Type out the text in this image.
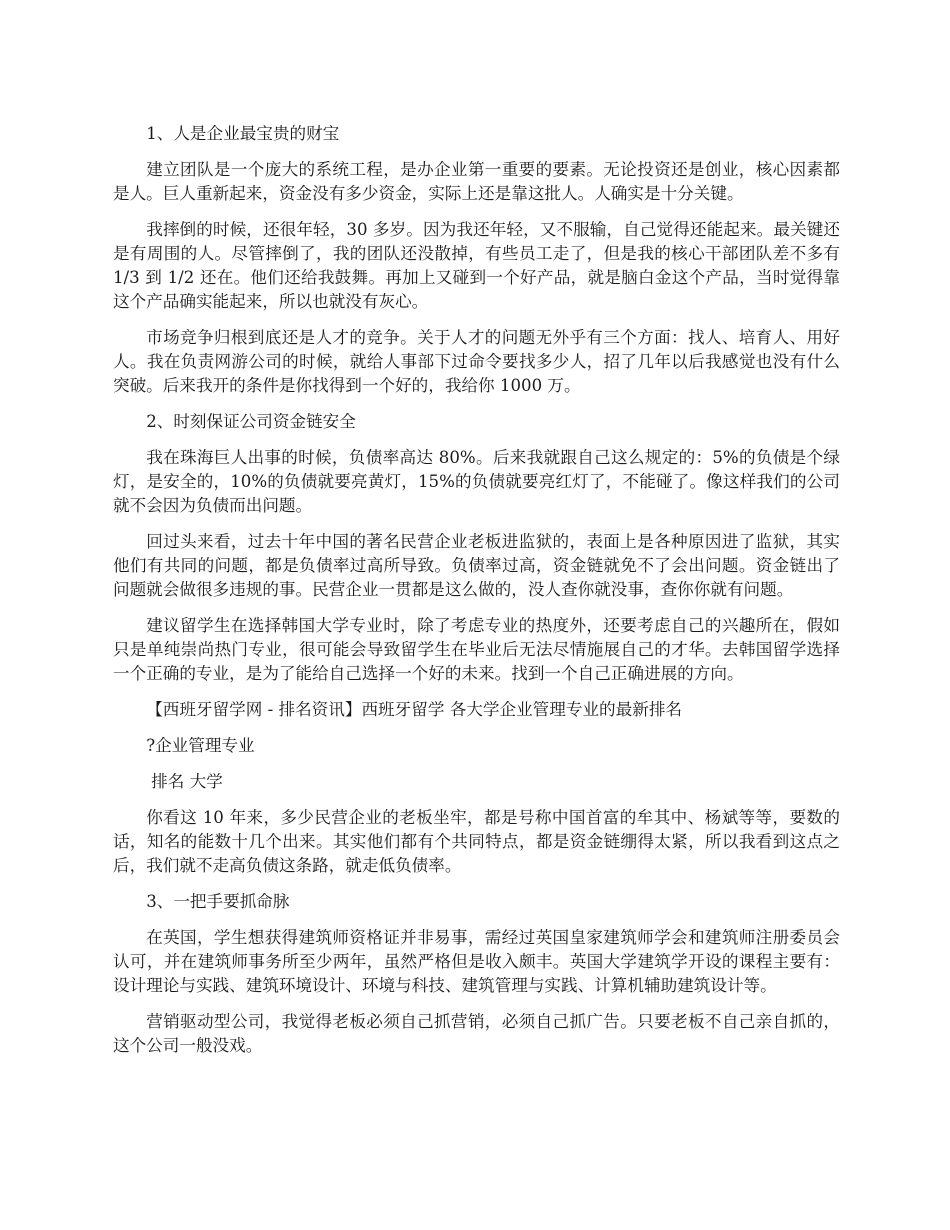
1、人是企业最宝贵的财宝

建立团队是一个庞大的系统工程，是办企业第一重要的要素。无论投资还是创业，核心因素都是人。巨人重新起来，资金没有多少资金，实际上还是靠这批人。人确实是十分关键。

我摔倒的时候，还很年轻，30 多岁。因为我还年轻，又不服输，自己觉得还能起来。最关键还是有周围的人。尽管摔倒了，我的团队还没散掉，有些员工走了，但是我的核心干部团队差不多有 1/3 到 1/2 还在。他们还给我鼓舞。再加上又碰到一个好产品，就是脑白金这个产品，当时觉得靠这个产品确实能起来，所以也就没有灰心。

市场竞争归根到底还是人才的竞争。关于人才的问题无外乎有三个方面：找人、培育人、用好人。我在负责网游公司的时候，就给人事部下过命令要找多少人，招了几年以后我感觉也没有什么突破。后来我开的条件是你找得到一个好的，我给你 1000 万。

2、时刻保证公司资金链安全

我在珠海巨人出事的时候，负债率高达 80%。后来我就跟自己这么规定的：5%的负债是个绿灯，是安全的，10%的负债就要亮黄灯，15%的负债就要亮红灯了，不能碰了。像这样我们的公司就不会因为负债而出问题。

回过头来看，过去十年中国的著名民营企业老板进监狱的，表面上是各种原因进了监狱，其实他们有共同的问题，都是负债率过高所导致。负债率过高，资金链就免不了会出问题。资金链出了问题就会做很多违规的事。民营企业一贯都是这么做的，没人查你就没事，查你你就有问题。

建议留学生在选择韩国大学专业时，除了考虑专业的热度外，还要考虑自己的兴趣所在，假如只是单纯崇尚热门专业，很可能会导致留学生在毕业后无法尽情施展自己的才华。去韩国留学选择一个正确的专业，是为了能给自己选择一个好的未来。找到一个自己正确进展的方向。

【西班牙留学网 - 排名资讯】西班牙留学 各大学企业管理专业的最新排名

?企业管理专业

排名 大学

你看这 10 年来，多少民营企业的老板坐牢，都是号称中国首富的牟其中、杨斌等等，要数的话，知名的能数十几个出来。其实他们都有个共同特点，都是资金链绷得太紧，所以我看到这点之后，我们就不走高负债这条路，就走低负债率。

3、一把手要抓命脉

在英国，学生想获得建筑师资格证并非易事，需经过英国皇家建筑师学会和建筑师注册委员会认可，并在建筑师事务所至少两年，虽然严格但是收入颇丰。英国大学建筑学开设的课程主要有：设计理论与实践、建筑环境设计、环境与科技、建筑管理与实践、计算机辅助建筑设计等。

营销驱动型公司，我觉得老板必须自己抓营销，必须自己抓广告。只要老板不自己亲自抓的，这个公司一般没戏。
